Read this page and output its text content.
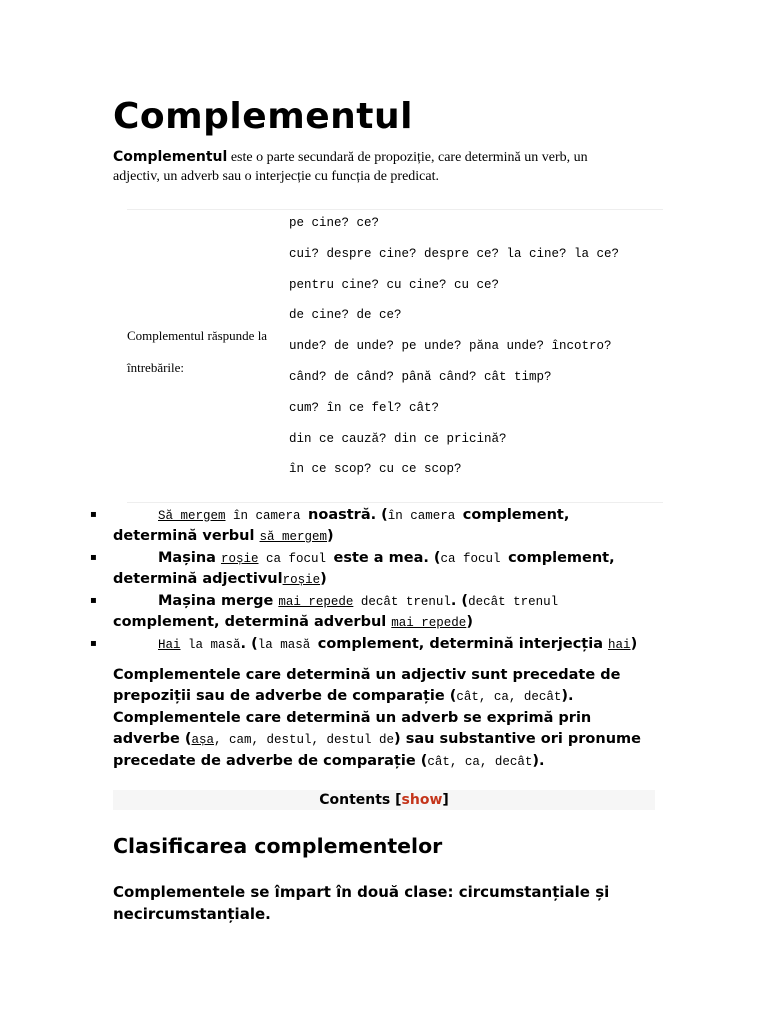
Complementul
Complementul este o parte secundară de propoziție, care determină un verb, un adjectiv, un adverb sau o interjecție cu funcția de predicat.
Complementul răspunde la întrebările:
pe cine? ce?
cui? despre cine? despre ce? la cine? la ce?
pentru cine? cu cine? cu ce?
de cine? de ce?
unde? de unde? pe unde? păna unde? încotro?
când? de când? până când? cât timp?
cum? în ce fel? cât?
din ce cauză? din ce pricină?
în ce scop? cu ce scop?
▪	Să mergem în camera noastră. (în camera complement, determină verbul să mergem)
▪	Mașina roșie ca focul este a mea. (ca focul complement, determină adjectivulroșie)
▪	Mașina merge mai repede decât trenul. (decât trenul complement, determină adverbul mai repede)
▪	Hai la masă. (la masă complement, determină interjecția hai)
Complementele care determină un adjectiv sunt precedate de prepoziții sau de adverbe de comparație (cât, ca, decât).
Complementele care determină un adverb se exprimă prin adverbe (așa, cam, destul, destul de) sau substantive ori pronume precedate de adverbe de comparație (cât, ca, decât).
Contents [show]
Clasificarea complementelor
Complementele se împart în două clase: circumstanțiale și necircumstanțiale.
